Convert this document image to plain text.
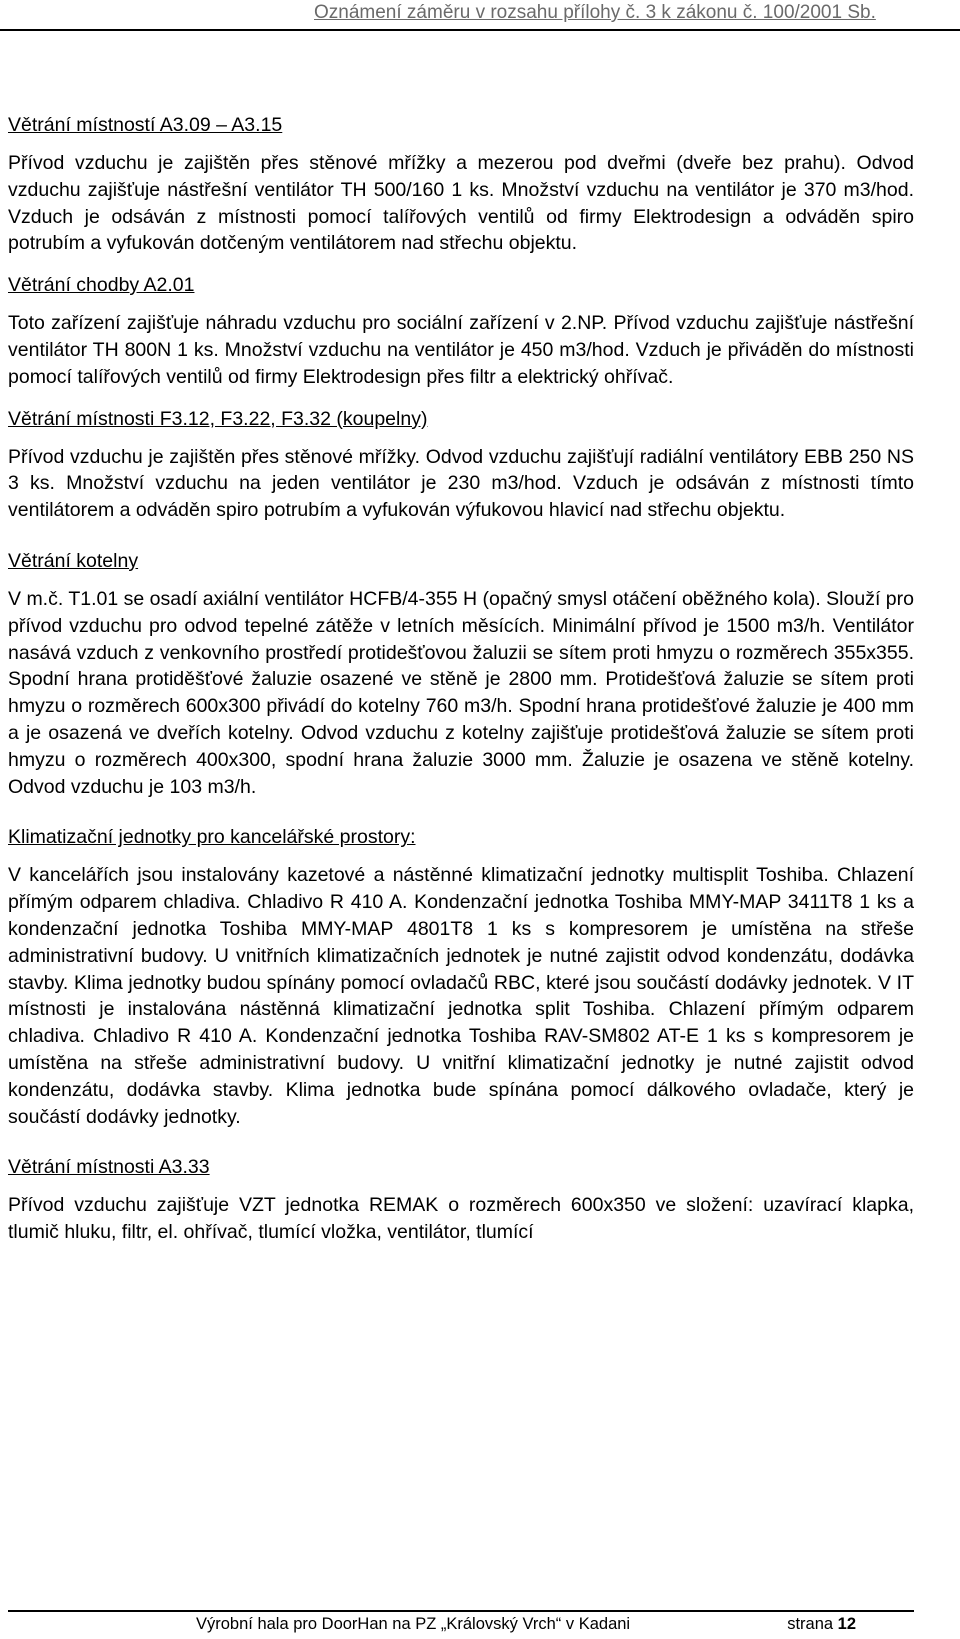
Oznámení záměru v rozsahu přílohy č. 3 k zákonu č. 100/2001 Sb.

Větrání místností A3.09 – A3.15

Přívod vzduchu je zajištěn přes stěnové mřížky a mezerou pod dveřmi (dveře bez prahu). Odvod vzduchu zajišťuje nástřešní ventilátor TH 500/160 1 ks. Množství vzduchu na ventilátor je 370 m3/hod. Vzduch je odsáván z místnosti pomocí talířových ventilů od firmy Elektrodesign a odváděn spiro potrubím a vyfukován dotčeným ventilátorem nad střechu objektu.

Větrání chodby A2.01

Toto zařízení zajišťuje náhradu vzduchu pro sociální zařízení v 2.NP. Přívod vzduchu zajišťuje nástřešní ventilátor TH 800N 1 ks. Množství vzduchu na ventilátor je 450 m3/hod. Vzduch je přiváděn do místnosti pomocí talířových ventilů od firmy Elektrodesign přes filtr a elektrický ohřívač.

Větrání místnosti F3.12, F3.22, F3.32 (koupelny)

Přívod vzduchu je zajištěn přes stěnové mřížky. Odvod vzduchu zajišťují radiální ventilátory EBB 250 NS 3 ks. Množství vzduchu na jeden ventilátor je 230 m3/hod. Vzduch je odsáván z místnosti tímto ventilátorem a odváděn spiro potrubím a vyfukován výfukovou hlavicí nad střechu objektu.

Větrání kotelny

V m.č. T1.01 se osadí axiální ventilátor HCFB/4-355 H (opačný smysl otáčení oběžného kola). Slouží pro přívod vzduchu pro odvod tepelné zátěže v letních měsících. Minimální přívod je 1500 m3/h. Ventilátor nasává vzduch z venkovního prostředí protidešťovou žaluzii se sítem proti hmyzu o rozměrech 355x355. Spodní hrana protiděšťové žaluzie osazené ve stěně je 2800 mm. Protidešťová žaluzie se sítem proti hmyzu o rozměrech 600x300 přivádí do kotelny 760 m3/h. Spodní hrana protidešťové žaluzie je 400 mm a je osazená ve dveřích kotelny. Odvod vzduchu z kotelny zajišťuje protidešťová žaluzie se sítem proti hmyzu o rozměrech 400x300, spodní hrana žaluzie 3000 mm. Žaluzie je osazena ve stěně kotelny. Odvod vzduchu je 103 m3/h.

Klimatizační jednotky pro kancelářské prostory:

V kancelářích jsou instalovány kazetové a nástěnné klimatizační jednotky multisplit Toshiba. Chlazení přímým odparem chladiva. Chladivo R 410 A. Kondenzační jednotka Toshiba MMY-MAP 3411T8 1 ks a kondenzační jednotka Toshiba MMY-MAP 4801T8 1 ks s kompresorem je umístěna na střeše administrativní budovy. U vnitřních klimatizačních jednotek je nutné zajistit odvod kondenzátu, dodávka stavby. Klima jednotky budou spínány pomocí ovladačů RBC, které jsou součástí dodávky jednotek. V IT místnosti je instalována nástěnná klimatizační jednotka split Toshiba. Chlazení přímým odparem chladiva. Chladivo R 410 A. Kondenzační jednotka Toshiba RAV-SM802 AT-E 1 ks s kompresorem je umístěna na střeše administrativní budovy. U vnitřní klimatizační jednotky je nutné zajistit odvod kondenzátu, dodávka stavby. Klima jednotka bude spínána pomocí dálkového ovladače, který je součástí dodávky jednotky.

Větrání místnosti A3.33

Přívod vzduchu zajišťuje VZT jednotka REMAK o rozměrech 600x350 ve složení: uzavírací klapka, tlumič hluku, filtr, el. ohřívač, tlumící vložka, ventilátor, tlumící

Výrobní hala pro DoorHan na PZ „Královský Vrch“ v Kadani	strana 12
